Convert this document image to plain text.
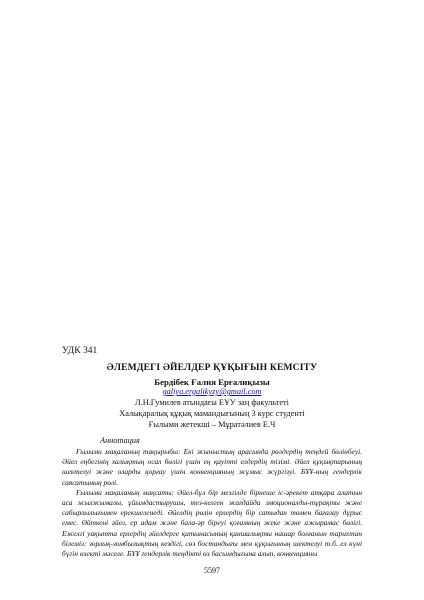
УДК 341
ӘЛЕМДЕГІ ӘЙЕЛДЕР ҚҰҚЫҒЫН КЕМСІТУ
Бердібек Ғалия Ерғалиқызы
galiya.ergalikyzy@gmail.com
Л.Н.Гумилев атындағы ЕҰУ заң факультеті
Халықаралық құқық мамандығының 3 курс студенті
Ғылыми жетекші – Мұратәлиев Е.Ч
Аннотация

Ғылыми мақаланың тақырыбы: Екі жыныстың арасында рөлдердің теңдей бөлінбеуі. Әйел еңбегінің халықтың осал бөлігі үшін ең қауіпті елдердің тізімі. Әйел құқықтарының шектелуі және оларды қорғау үшін конвенцияның жұмыс жүргізуі. БҰҰ-ның гендерлік саясатының рөлі.

Ғылыми мақаланың мақсаты: Әйел-бұл бір мезгілде бірнеше іс-әрекет атқара алатын аса жылжымалы, ұйымдастырушы, тез-келген жағдайда эмоционалды-тұрақты және сабырлылығымен ерекшеленеді. Әйелдің рөлін ерлердің бір сатыдан төмен бағалау дұрыс емес. Өйткені әйел, ер адам және бала-әр біреуі қоғамның жеке және ажырамас бөлігі. Ежелгі уақытта ерлердің әйелдерге қатынасының қаншалықты нашар болғанын тарихтан білеміз: зорлық-зомбылықтың кездігі, сөз бостандығы мен құқығының шектелуі т.б. ел күні бүгін өзекті мәселе. БҰҰ гендерлік теңдікті өз басымдығына алып, конвенцияны

5597
